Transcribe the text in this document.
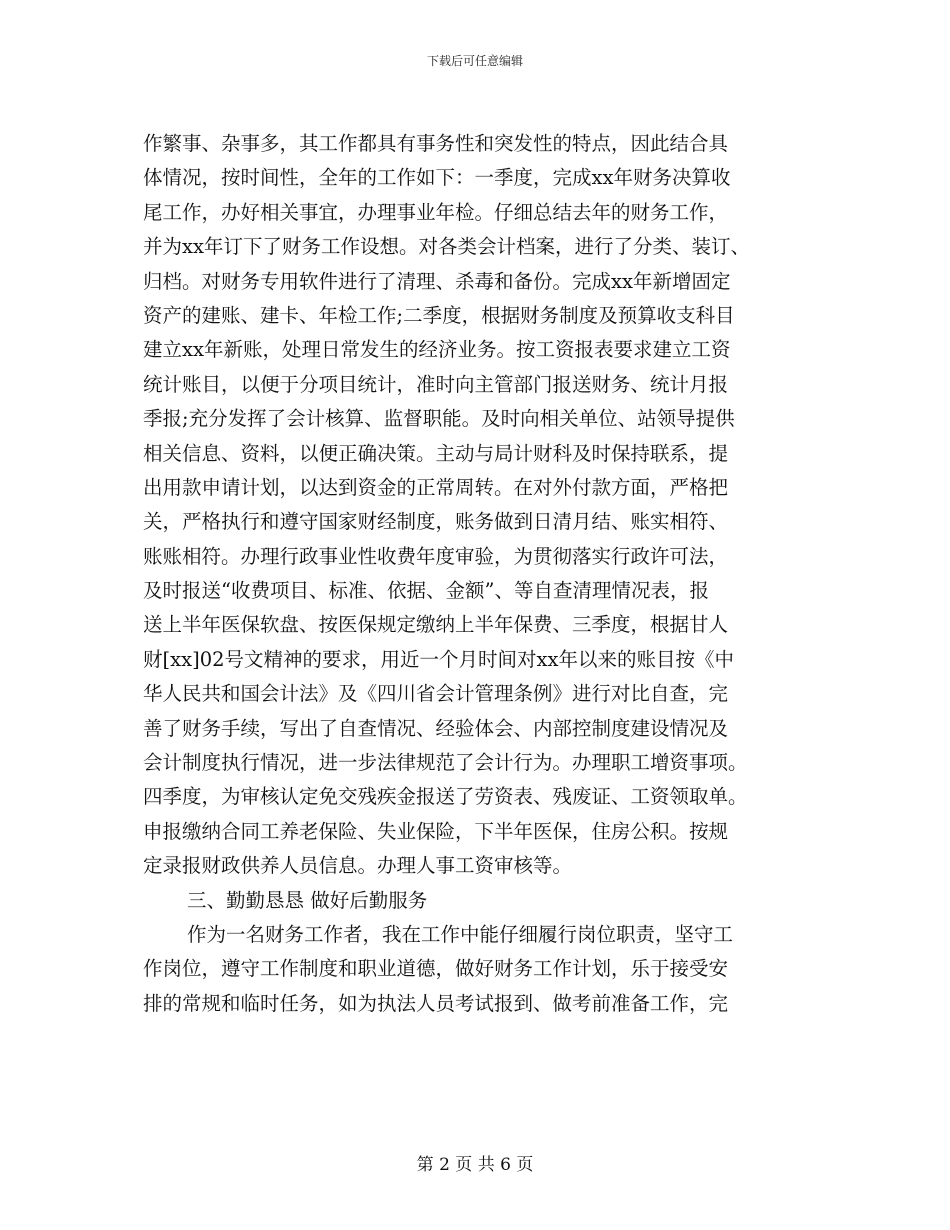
下载后可任意编辑
作繁事、杂事多，其工作都具有事务性和突发性的特点，因此结合具
体情况，按时间性，全年的工作如下：一季度，完成xx年财务决算收
尾工作，办好相关事宜，办理事业年检。仔细总结去年的财务工作，
并为xx年订下了财务工作设想。对各类会计档案，进行了分类、装订、
归档。对财务专用软件进行了清理、杀毒和备份。完成xx年新增固定
资产的建账、建卡、年检工作;二季度，根据财务制度及预算收支科目
建立xx年新账，处理日常发生的经济业务。按工资报表要求建立工资
统计账目，以便于分项目统计，准时向主管部门报送财务、统计月报
季报;充分发挥了会计核算、监督职能。及时向相关单位、站领导提供
相关信息、资料，以便正确决策。主动与局计财科及时保持联系，提
出用款申请计划，以达到资金的正常周转。在对外付款方面，严格把
关，严格执行和遵守国家财经制度，账务做到日清月结、账实相符、
账账相符。办理行政事业性收费年度审验，为贯彻落实行政许可法，
及时报送“收费项目、标准、依据、金额”、等自查清理情况表，报
送上半年医保软盘、按医保规定缴纳上半年保费、三季度，根据甘人
财[xx]02号文精神的要求，用近一个月时间对xx年以来的账目按《中
华人民共和国会计法》及《四川省会计管理条例》进行对比自查，完
善了财务手续，写出了自查情况、经验体会、内部控制度建设情况及
会计制度执行情况，进一步法律规范了会计行为。办理职工增资事项。
四季度，为审核认定免交残疾金报送了劳资表、残废证、工资领取单。
申报缴纳合同工养老保险、失业保险，下半年医保，住房公积。按规
定录报财政供养人员信息。办理人事工资审核等。
三、勤勤恳恳 做好后勤服务
作为一名财务工作者，我在工作中能仔细履行岗位职责，坚守工
作岗位，遵守工作制度和职业道德，做好财务工作计划，乐于接受安
排的常规和临时任务，如为执法人员考试报到、做考前准备工作，完
第 2 页 共 6 页
